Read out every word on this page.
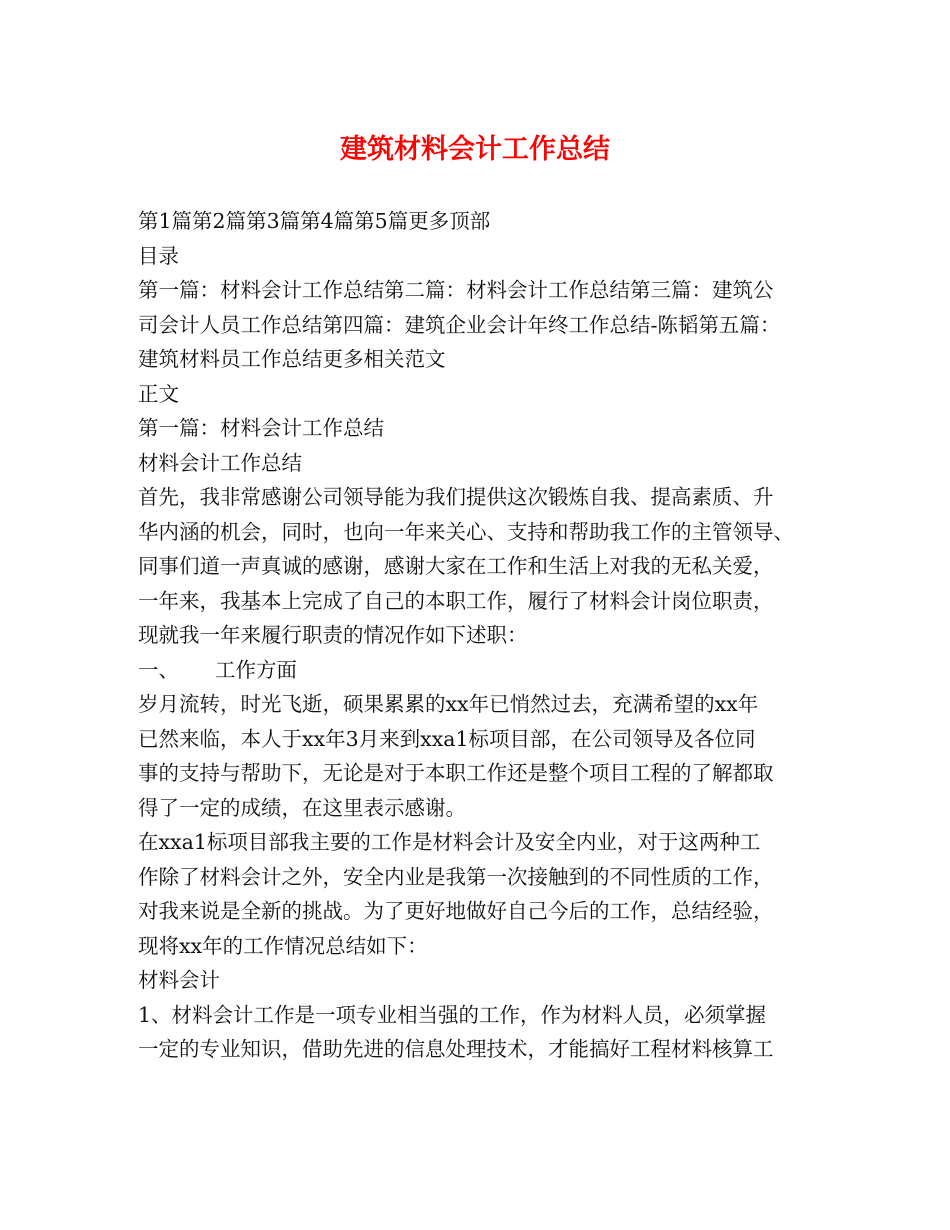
建筑材料会计工作总结
第1篇第2篇第3篇第4篇第5篇更多顶部
目录
第一篇：材料会计工作总结第二篇：材料会计工作总结第三篇：建筑公
司会计人员工作总结第四篇：建筑企业会计年终工作总结-陈韬第五篇：
建筑材料员工作总结更多相关范文
正文
第一篇：材料会计工作总结
材料会计工作总结
首先，我非常感谢公司领导能为我们提供这次锻炼自我、提高素质、升
华内涵的机会，同时，也向一年来关心、支持和帮助我工作的主管领导、
同事们道一声真诚的感谢，感谢大家在工作和生活上对我的无私关爱，
一年来，我基本上完成了自己的本职工作，履行了材料会计岗位职责，
现就我一年来履行职责的情况作如下述职：
一、 工作方面
岁月流转，时光飞逝，硕果累累的xx年已悄然过去，充满希望的xx年
已然来临，本人于xx年3月来到xxa1标项目部，在公司领导及各位同
事的支持与帮助下，无论是对于本职工作还是整个项目工程的了解都取
得了一定的成绩，在这里表示感谢。
在xxa1标项目部我主要的工作是材料会计及安全内业，对于这两种工
作除了材料会计之外，安全内业是我第一次接触到的不同性质的工作，
对我来说是全新的挑战。为了更好地做好自己今后的工作，总结经验，
现将xx年的工作情况总结如下：
材料会计
1、材料会计工作是一项专业相当强的工作，作为材料人员，必须掌握
一定的专业知识，借助先进的信息处理技术，才能搞好工程材料核算工
